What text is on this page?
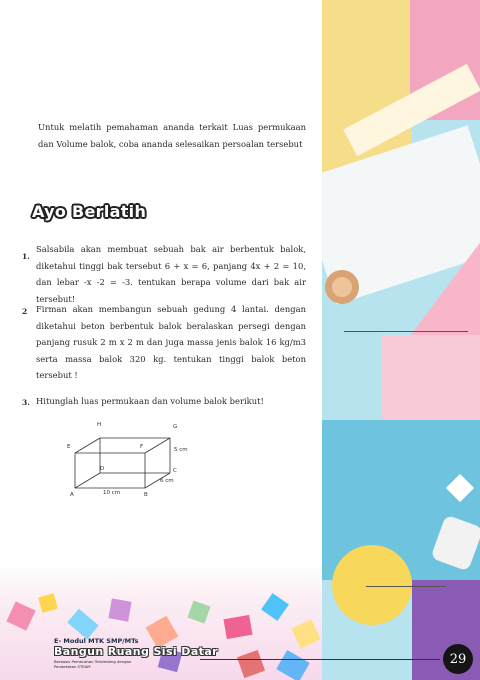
Untuk melatih pemahaman ananda terkait Luas permukaan dan Volume balok, coba ananda selesaikan persoalan tersebut

Ayo Berlatih
1.

Salsabila akan membuat sebuah bak air berbentuk balok, diketahui tinggi bak tersebut 6 + x = 6, panjang 4x + 2 = 10, dan lebar -x -2 = -3. tentukan berapa volume dari bak air tersebut!

2 Firman akan membangun sebuah gedung 4 lantai. dengan diketahui beton berbentuk balok beralaskan persegi dengan panjang rusuk 2 m x 2 m dan juga massa jenis balok 16 kg/m3 serta massa balok 320 kg. tentukan tinggi balok beton tersebut !

3. Hitunglah luas permukaan dan volume balok berikut!

A	B
C
D
E	F
G
H
10 cm
6 cm
5 cm
E- Modul MTK SMP/MTs
Bangun Ruang Sisi Datar
Berbasis Pemecahan Terbimbing dengan Pendekatan STEAM	29
